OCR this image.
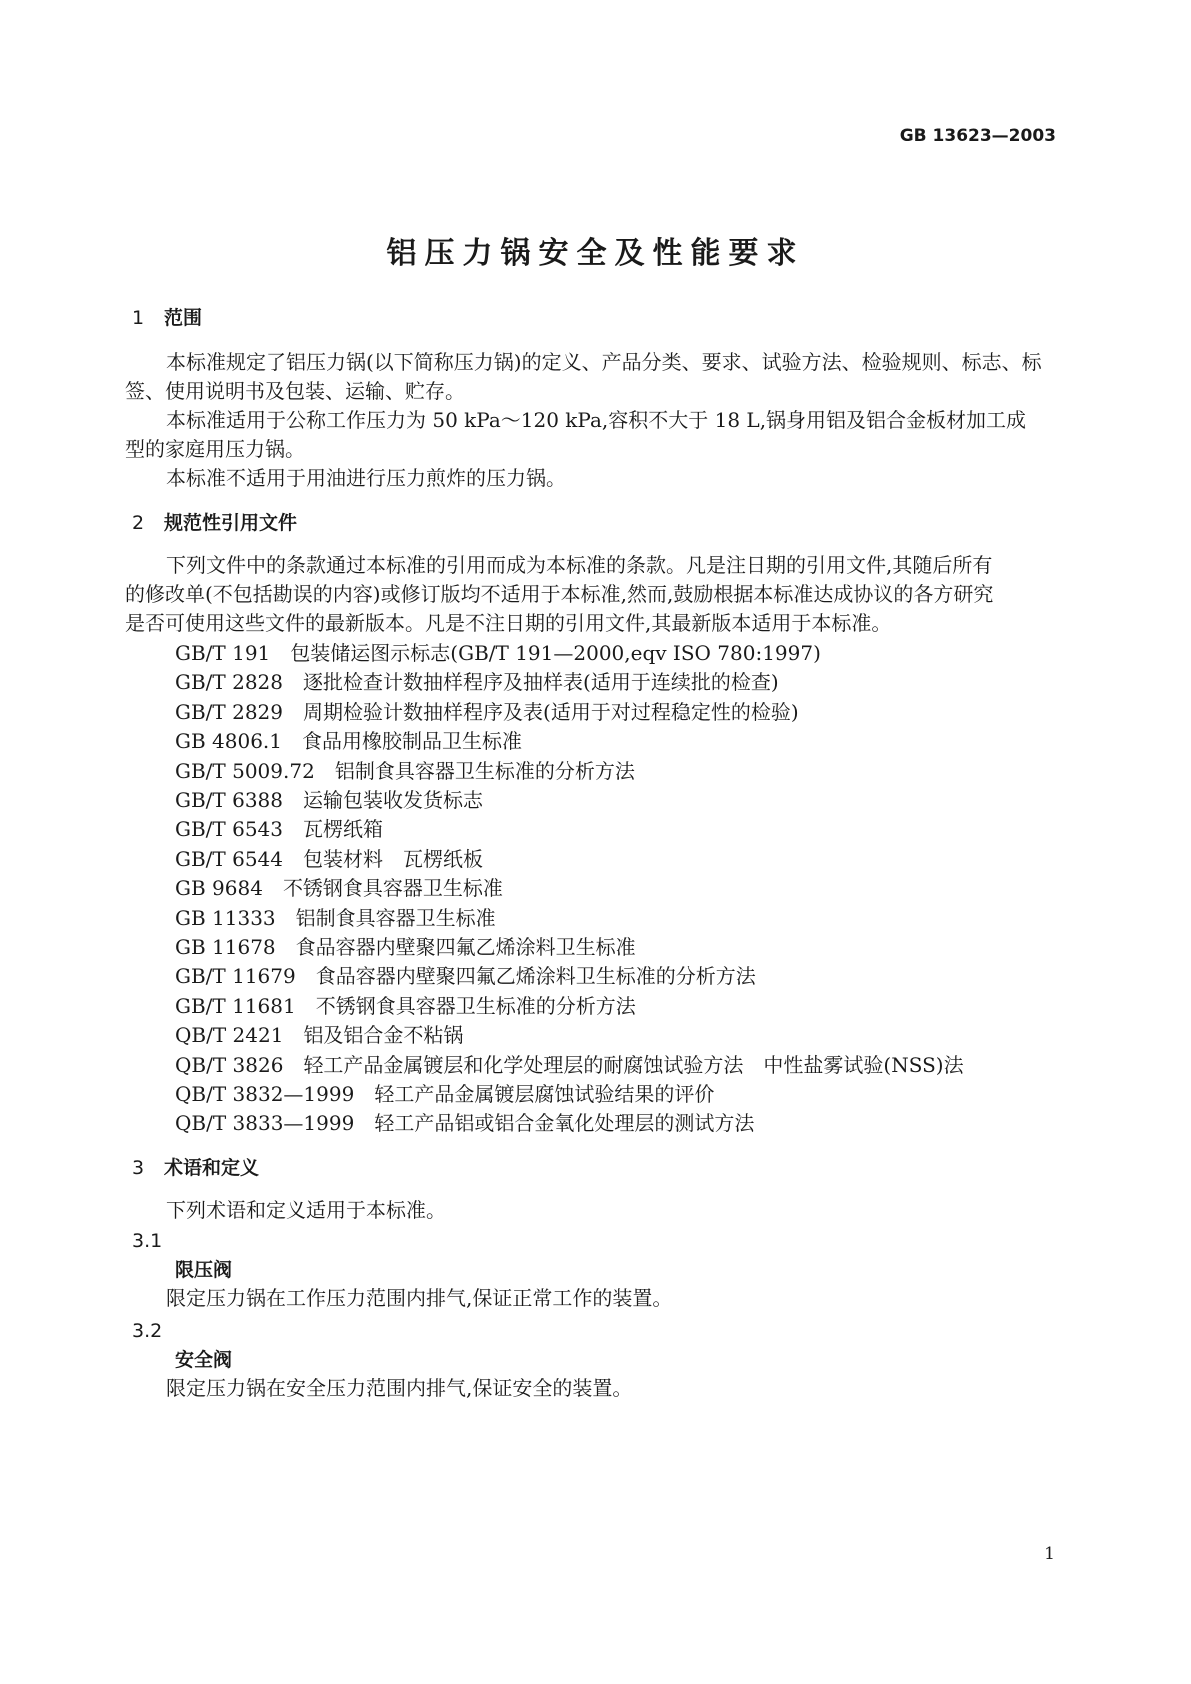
GB 13623—2003
铝压力锅安全及性能要求
1 范围
本标准规定了铝压力锅(以下简称压力锅)的定义、产品分类、要求、试验方法、检验规则、标志、标
签、使用说明书及包装、运输、贮存。
本标准适用于公称工作压力为 50 kPa～120 kPa,容积不大于 18 L,锅身用铝及铝合金板材加工成
型的家庭用压力锅。
本标准不适用于用油进行压力煎炸的压力锅。
2 规范性引用文件
下列文件中的条款通过本标准的引用而成为本标准的条款。凡是注日期的引用文件,其随后所有
的修改单(不包括勘误的内容)或修订版均不适用于本标准,然而,鼓励根据本标准达成协议的各方研究
是否可使用这些文件的最新版本。凡是不注日期的引用文件,其最新版本适用于本标准。
GB/T 191 包装储运图示标志(GB/T 191—2000,eqv ISO 780:1997)
GB/T 2828 逐批检查计数抽样程序及抽样表(适用于连续批的检查)
GB/T 2829 周期检验计数抽样程序及表(适用于对过程稳定性的检验)
GB 4806.1 食品用橡胶制品卫生标准
GB/T 5009.72 铝制食具容器卫生标准的分析方法
GB/T 6388 运输包装收发货标志
GB/T 6543 瓦楞纸箱
GB/T 6544 包装材料　瓦楞纸板
GB 9684 不锈钢食具容器卫生标准
GB 11333 铝制食具容器卫生标准
GB 11678 食品容器内壁聚四氟乙烯涂料卫生标准
GB/T 11679 食品容器内壁聚四氟乙烯涂料卫生标准的分析方法
GB/T 11681 不锈钢食具容器卫生标准的分析方法
QB/T 2421 铝及铝合金不粘锅
QB/T 3826 轻工产品金属镀层和化学处理层的耐腐蚀试验方法　中性盐雾试验(NSS)法
QB/T 3832—1999 轻工产品金属镀层腐蚀试验结果的评价
QB/T 3833—1999 轻工产品铝或铝合金氧化处理层的测试方法
3 术语和定义
下列术语和定义适用于本标准。
3.1
限压阀
限定压力锅在工作压力范围内排气,保证正常工作的装置。
3.2
安全阀
限定压力锅在安全压力范围内排气,保证安全的装置。
1
